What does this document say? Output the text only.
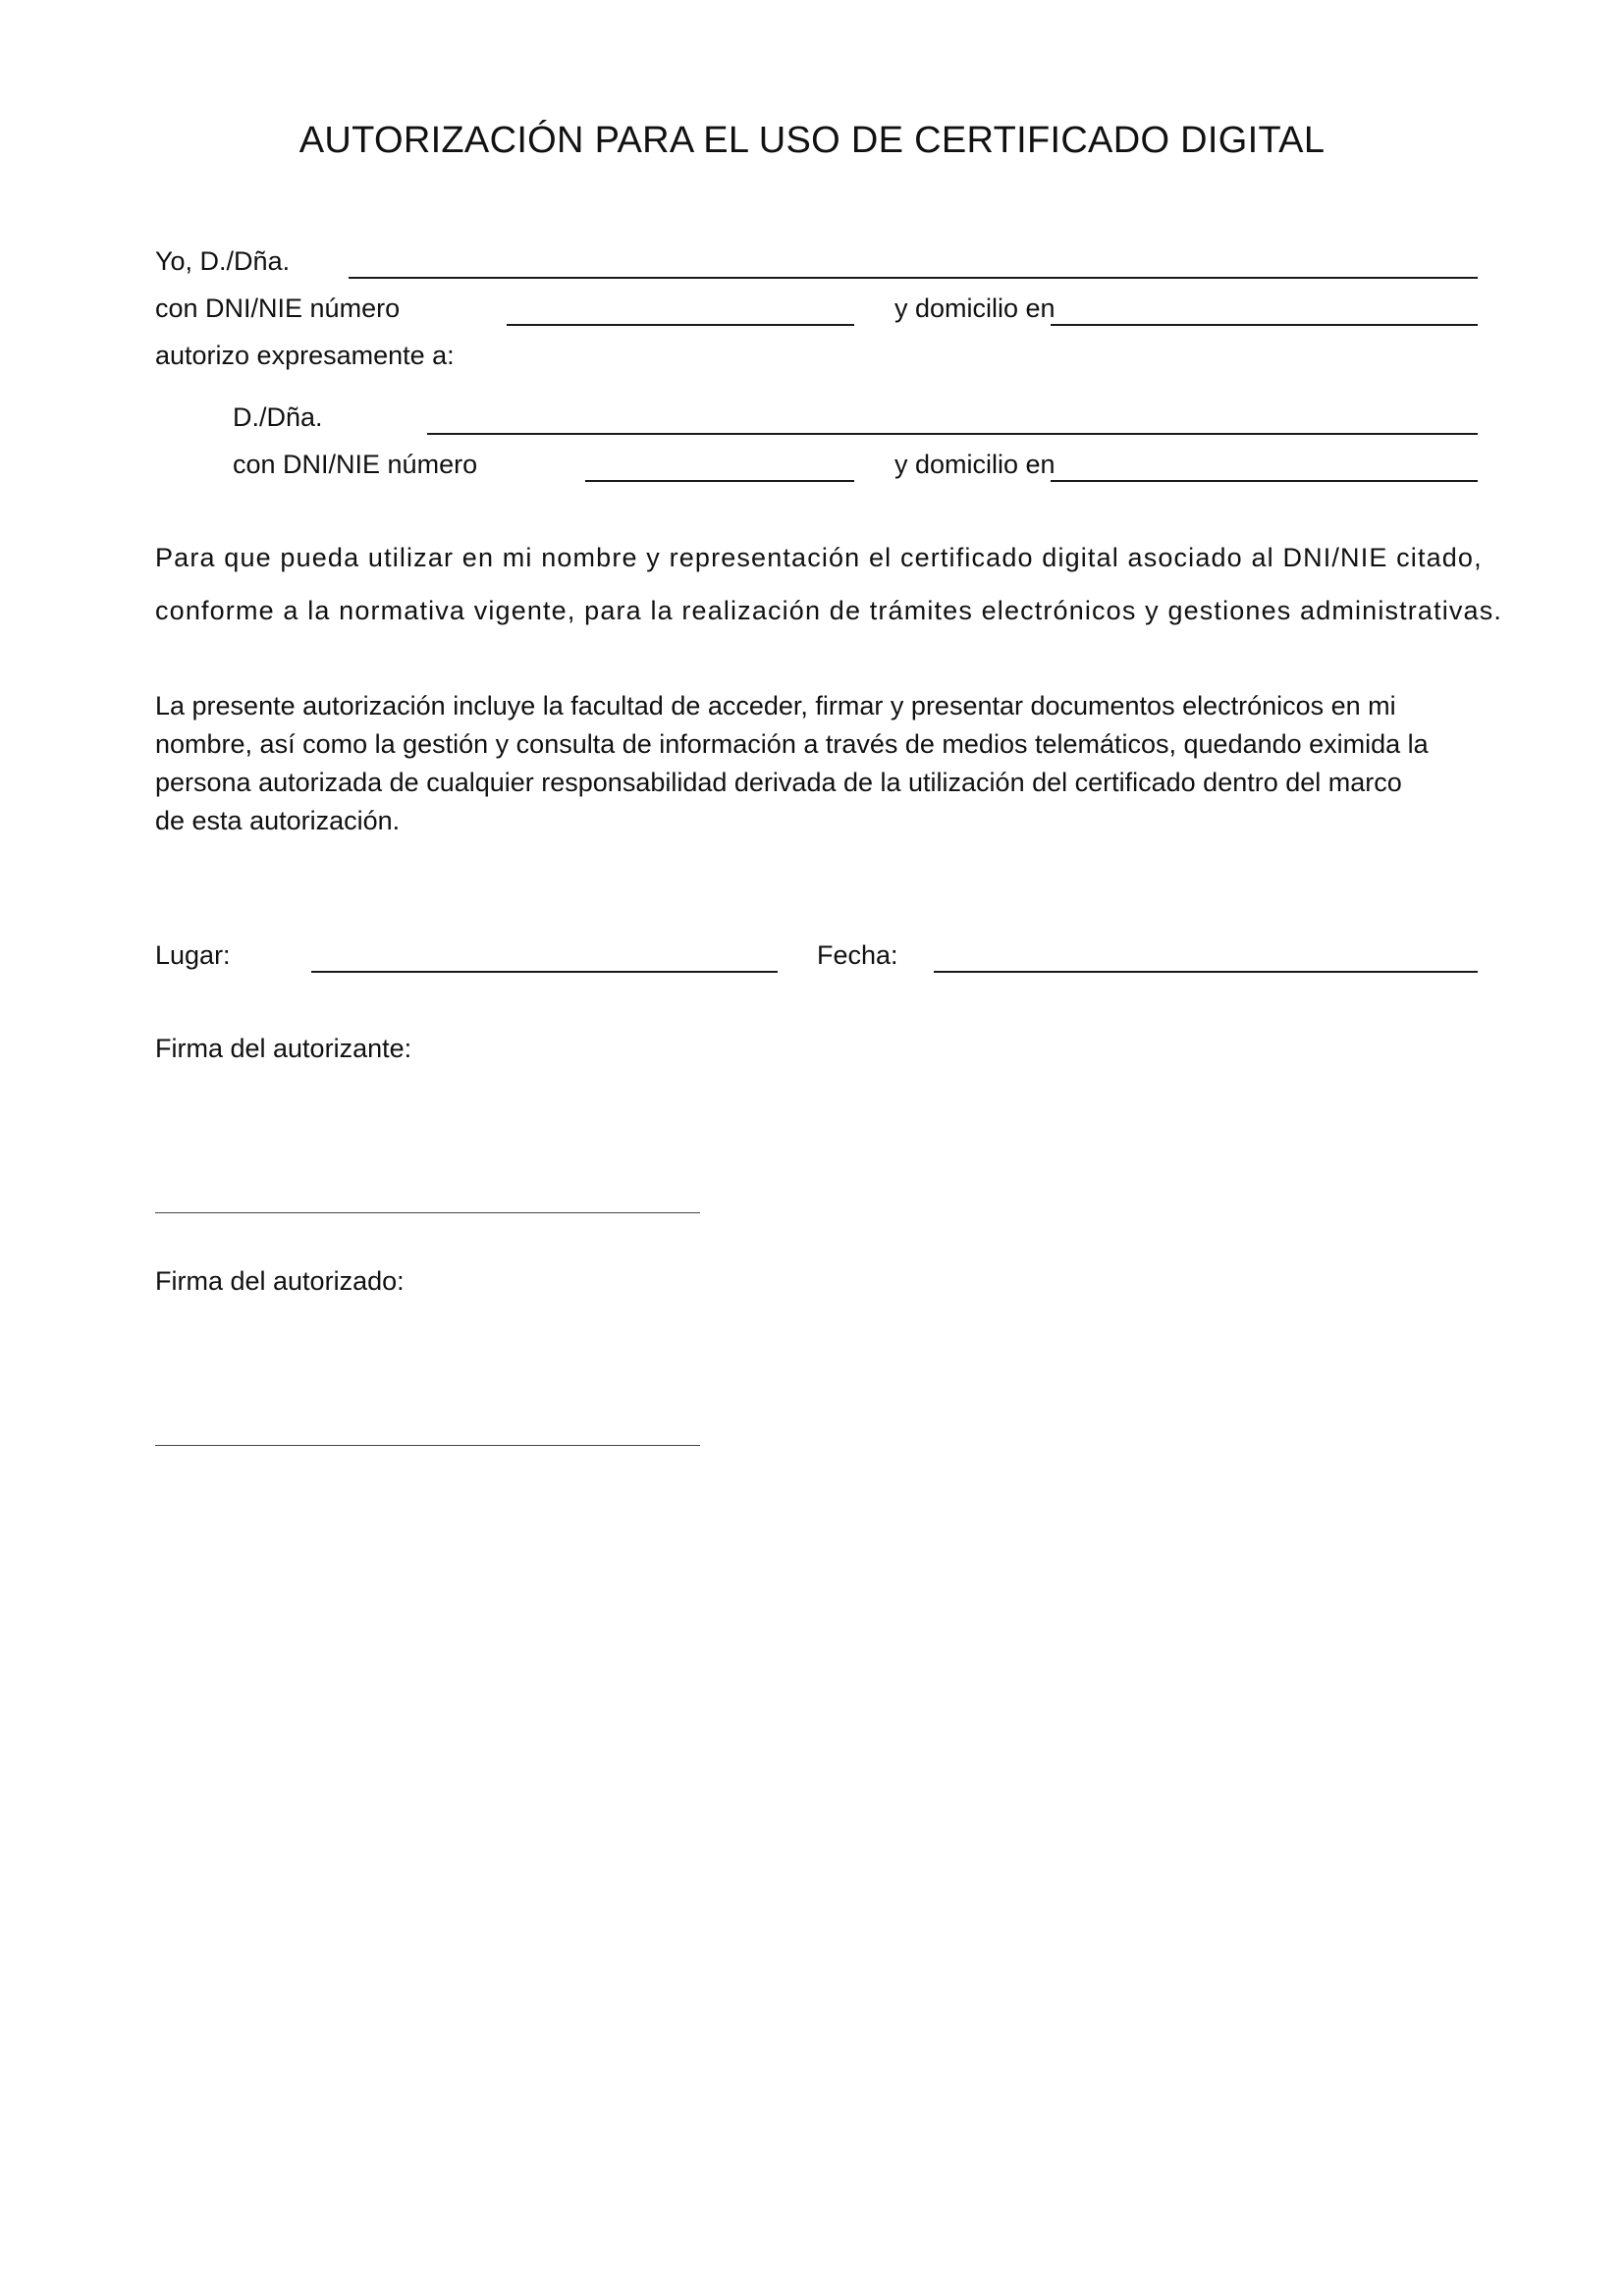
AUTORIZACIÓN PARA EL USO DE CERTIFICADO DIGITAL
Yo, D./Dña.
con DNI/NIE número	y domicilio en
autorizo expresamente a:
D./Dña.
con DNI/NIE número	y domicilio en
Para que pueda utilizar en mi nombre y representación el certificado digital asociado al DNI/NIE citado,
conforme a la normativa vigente, para la realización de trámites electrónicos y gestiones administrativas.
La presente autorización incluye la facultad de acceder, firmar y presentar documentos electrónicos en mi
nombre, así como la gestión y consulta de información a través de medios telemáticos, quedando eximida la
persona autorizada de cualquier responsabilidad derivada de la utilización del certificado dentro del marco
de esta autorización.
Lugar:	Fecha:
Firma del autorizante:
Firma del autorizado:
